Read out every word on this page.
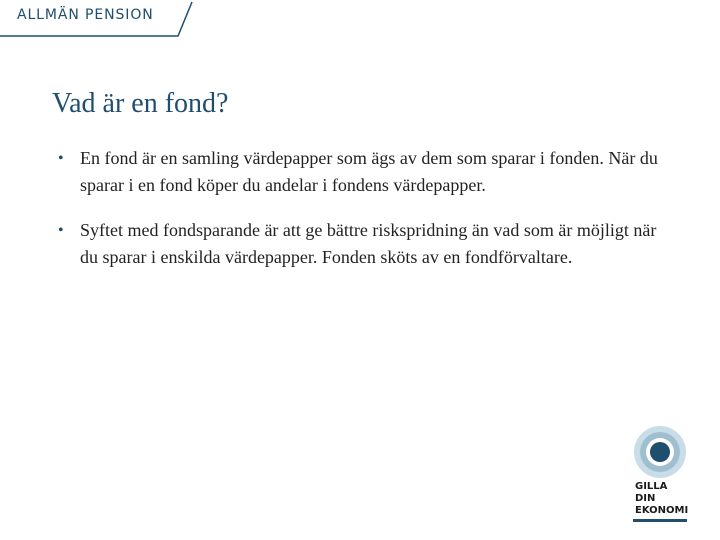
ALLMÄN PENSION
Vad är en fond?
• En fond är en samling värdepapper som ägs av dem som sparar i fonden. När du sparar i en fond köper du andelar i fondens värdepapper.
• Syftet med fondsparande är att ge bättre riskspridning än vad som är möjligt när du sparar i enskilda värdepapper. Fonden sköts av en fondförvaltare.
GILLA DIN
EKONOMI
